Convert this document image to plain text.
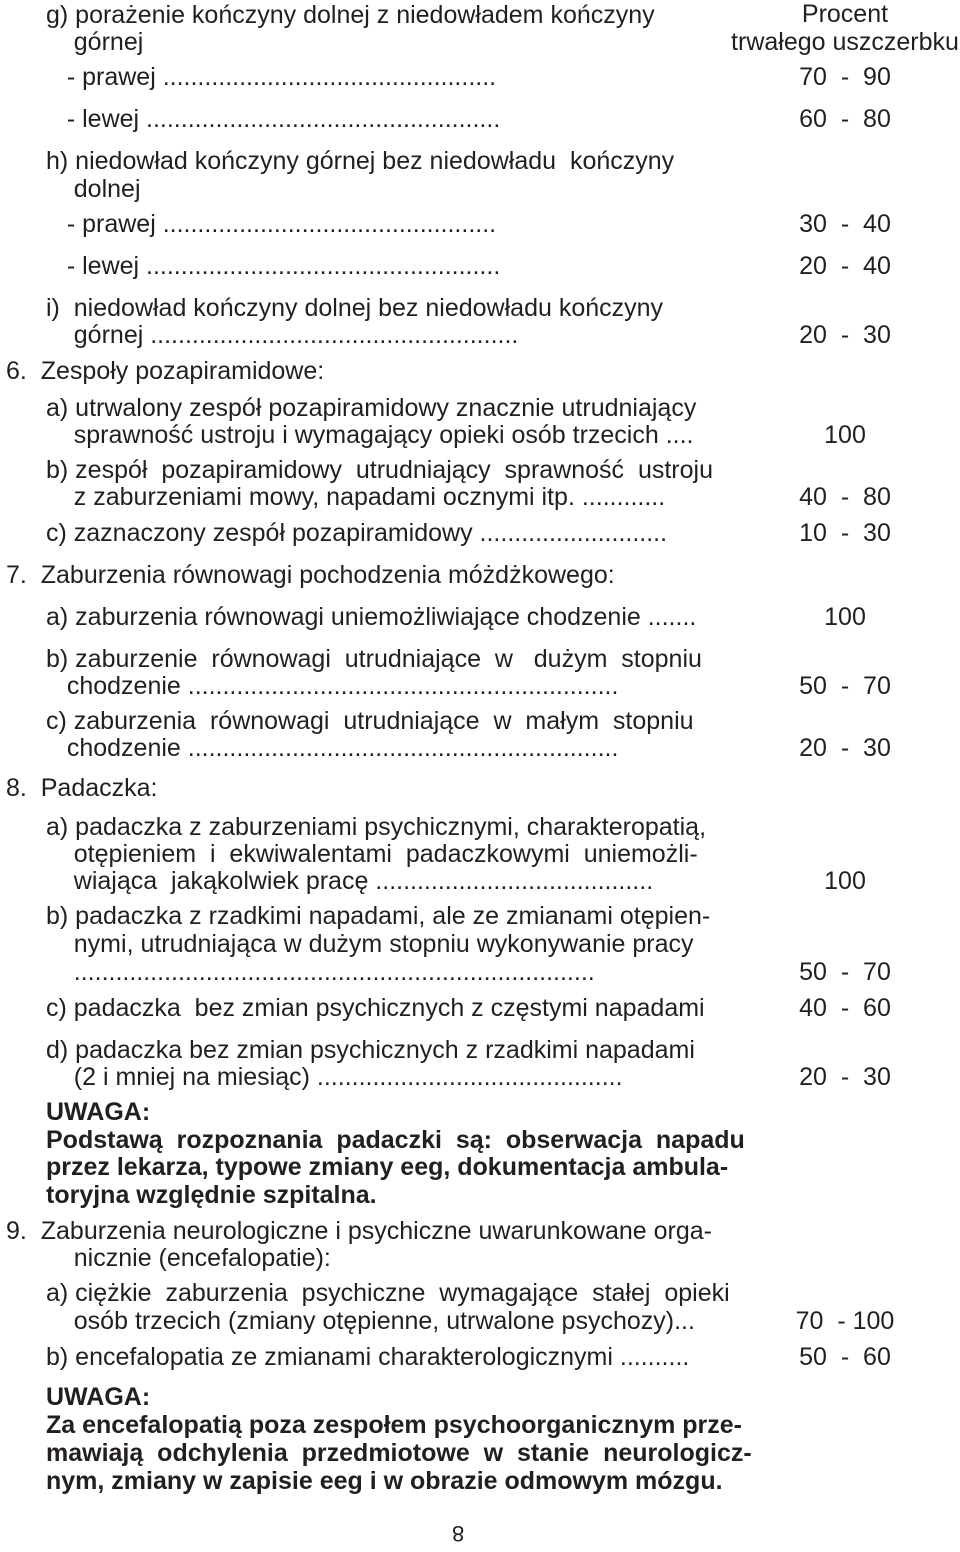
Procent
trwałego uszczerbku
g) porażenie kończyny dolnej z niedowładem kończyny
górnej
- prawej ................................................	70  -  90
- lewej ...................................................	60  -  80
h) niedowład kończyny górnej bez niedowładu  kończyny
dolnej
- prawej ................................................	30  -  40
- lewej ...................................................	20  -  40
i)  niedowład kończyny dolnej bez niedowładu kończyny
górnej .....................................................	20  -  30
6.  Zespoły pozapiramidowe:
a) utrwalony zespół pozapiramidowy znacznie utrudniający
sprawność ustroju i wymagający opieki osób trzecich ....	100
b) zespół  pozapiramidowy  utrudniający  sprawność  ustroju
z zaburzeniami mowy, napadami ocznymi itp. ............	40  -  80
c) zaznaczony zespół pozapiramidowy ...........................	10  -  30
7.  Zaburzenia równowagi pochodzenia móżdżkowego:
a) zaburzenia równowagi uniemożliwiające chodzenie .......	100
b) zaburzenie  równowagi  utrudniające  w   dużym  stopniu
chodzenie ..............................................................	50  -  70
c) zaburzenia  równowagi  utrudniające  w  małym  stopniu
chodzenie ..............................................................	20  -  30
8.  Padaczka:
a) padaczka z zaburzeniami psychicznymi, charakteropatią,
otępieniem  i  ekwiwalentami  padaczkowymi  uniemożli-
wiająca  jakąkolwiek pracę ........................................	100
b) padaczka z rzadkimi napadami, ale ze zmianami otępien-
nymi, utrudniająca w dużym stopniu wykonywanie pracy
...........................................................................	50  -  70
c) padaczka  bez zmian psychicznych z częstymi napadami	40  -  60
d) padaczka bez zmian psychicznych z rzadkimi napadami
(2 i mniej na miesiąc) ............................................	20  -  30
UWAGA:
Podstawą  rozpoznania  padaczki  są:  obserwacja  napadu
przez lekarza, typowe zmiany eeg, dokumentacja ambula-
toryjna względnie szpitalna.
9.  Zaburzenia neurologiczne i psychiczne uwarunkowane orga-
nicznie (encefalopatie):
a) ciężkie  zaburzenia  psychiczne  wymagające  stałej  opieki
osób trzecich (zmiany otępienne, utrwalone psychozy)...	70  - 100
b) encefalopatia ze zmianami charakterologicznymi ..........	50  -  60
UWAGA:
Za encefalopatią poza zespołem psychoorganicznym prze-
mawiają  odchylenia  przedmiotowe  w  stanie  neurologicz-
nym, zmiany w zapisie eeg i w obrazie odmowym mózgu.
8
